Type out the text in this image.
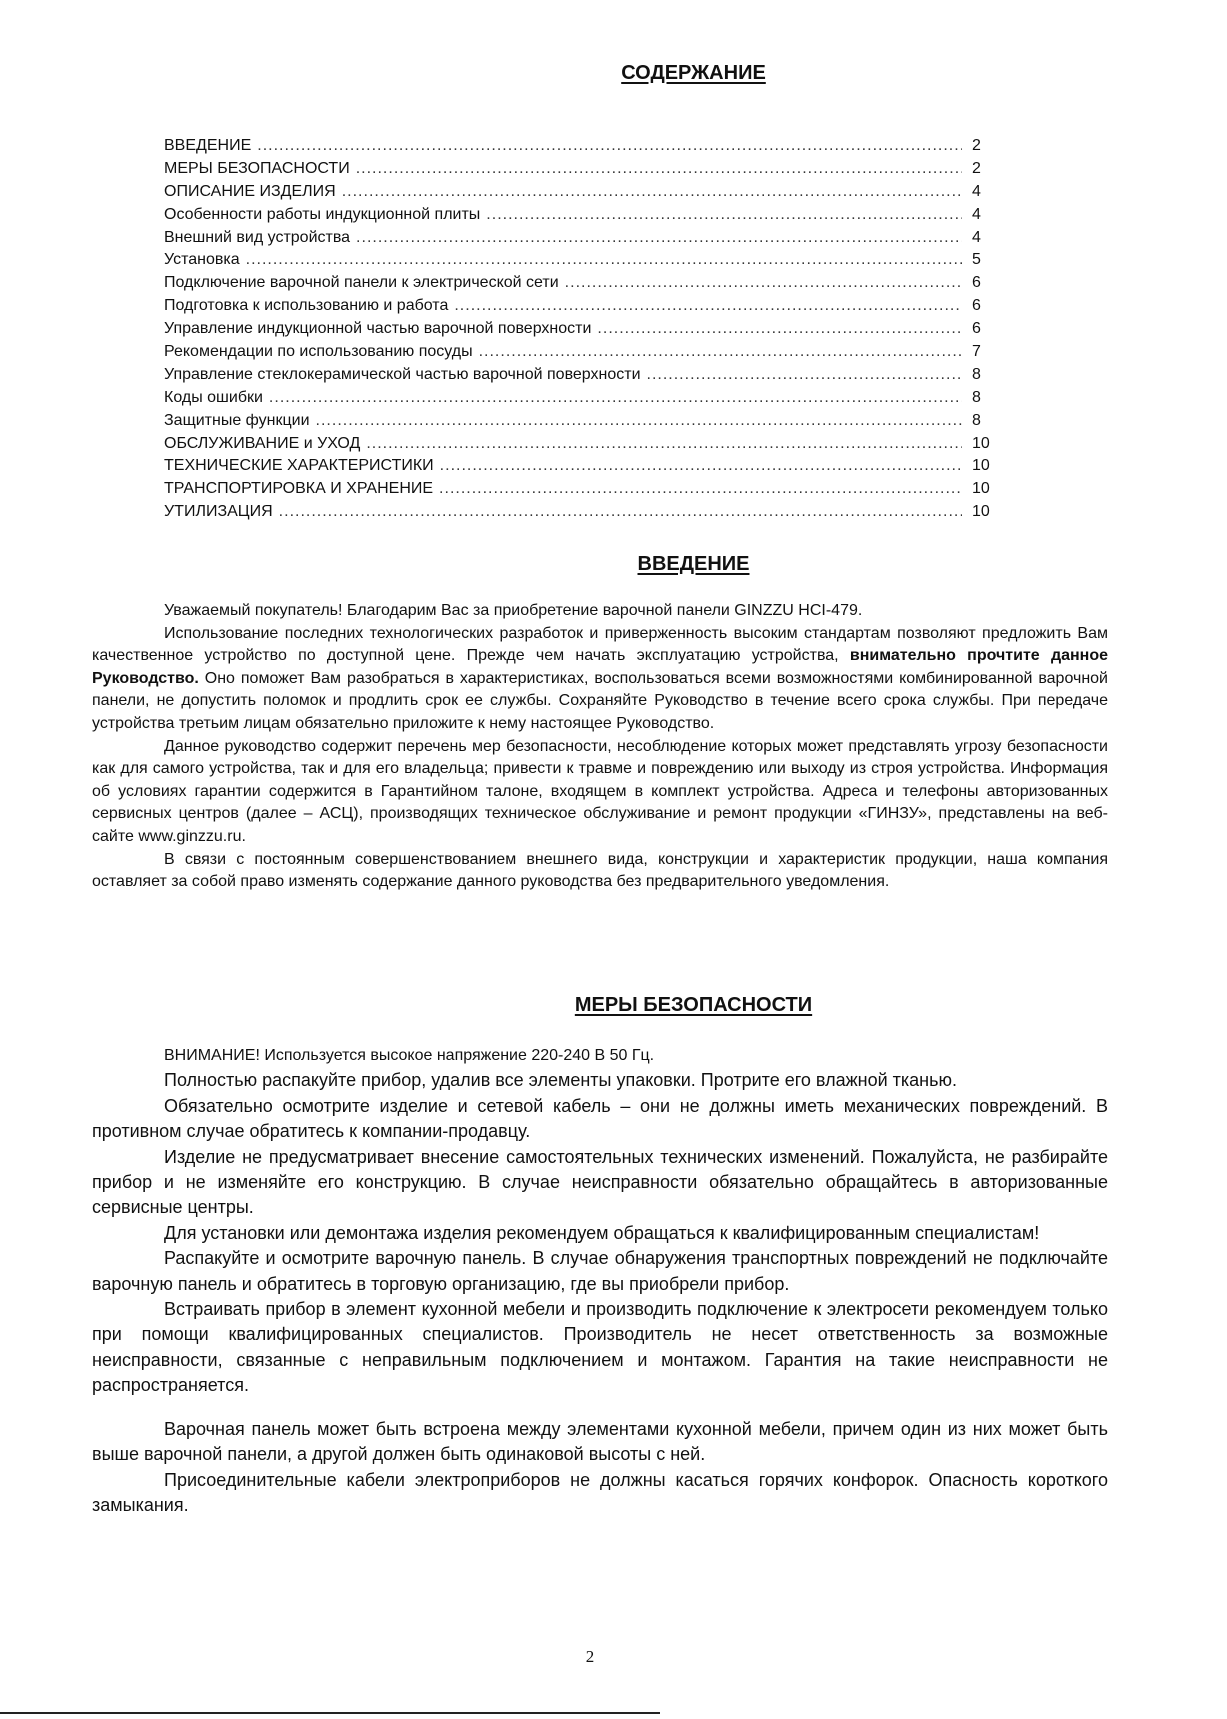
СОДЕРЖАНИЕ
ВВЕДЕНИЕ .....	2
МЕРЫ БЕЗОПАСНОСТИ .....	2
ОПИСАНИЕ ИЗДЕЛИЯ .....	4
Особенности работы индукционной плиты .....	4
Внешний вид устройства .....	4
Установка .....	5
Подключение варочной панели к электрической сети .....	6
Подготовка к использованию и работа .....	6
Управление индукционной частью варочной поверхности .....	6
Рекомендации по использованию посуды .....	7
Управление стеклокерамической частью варочной поверхности .....	8
Коды ошибки .....	8
Защитные функции .....	8
ОБСЛУЖИВАНИЕ и УХОД .....	10
ТЕХНИЧЕСКИЕ ХАРАКТЕРИСТИКИ .....	10
ТРАНСПОРТИРОВКА И ХРАНЕНИЕ .....	10
УТИЛИЗАЦИЯ .....	10
ВВЕДЕНИЕ

Уважаемый покупатель! Благодарим Вас за приобретение варочной панели GINZZU HCI-479.

Использование последних технологических разработок и приверженность высоким стандартам позволяют предложить Вам качественное устройство по доступной цене. Прежде чем начать эксплуатацию устройства, внимательно прочтите данное Руководство. Оно поможет Вам разобраться в характеристиках, воспользоваться всеми возможностями комбинированной варочной панели, не допустить поломок и продлить срок ее службы. Сохраняйте Руководство в течение всего срока службы. При передаче устройства третьим лицам обязательно приложите к нему настоящее Руководство.

Данное руководство содержит перечень мер безопасности, несоблюдение которых может представлять угрозу безопасности как для самого устройства, так и для его владельца; привести к травме и повреждению или выходу из строя устройства. Информация об условиях гарантии содержится в Гарантийном талоне, входящем в комплект устройства. Адреса и телефоны авторизованных сервисных центров (далее – АСЦ), производящих техническое обслуживание и ремонт продукции «ГИНЗУ», представлены на веб-сайте www.ginzzu.ru.

В связи с постоянным совершенствованием внешнего вида, конструкции и характеристик продукции, наша компания оставляет за собой право изменять содержание данного руководства без предварительного уведомления.

МЕРЫ БЕЗОПАСНОСТИ

ВНИМАНИЕ! Используется высокое напряжение 220-240 В 50 Гц.

Полностью распакуйте прибор, удалив все элементы упаковки. Протрите его влажной тканью.

Обязательно осмотрите изделие и сетевой кабель – они не должны иметь механических повреждений. В противном случае обратитесь к компании-продавцу.

Изделие не предусматривает внесение самостоятельных технических изменений. Пожалуйста, не разбирайте прибор и не изменяйте его конструкцию. В случае неисправности обязательно обращайтесь в авторизованные сервисные центры.

Для установки или демонтажа изделия рекомендуем обращаться к квалифицированным специалистам!

Распакуйте и осмотрите варочную панель. В случае обнаружения транспортных повреждений не подключайте варочную панель и обратитесь в торговую организацию, где вы приобрели прибор.

Встраивать прибор в элемент кухонной мебели и производить подключение к электросети рекомендуем только при помощи квалифицированных специалистов. Производитель не несет ответственность за возможные неисправности, связанные с неправильным подключением и монтажом. Гарантия на такие неисправности не распространяется.

Варочная панель может быть встроена между элементами кухонной мебели, причем один из них может быть выше варочной панели, а другой должен быть одинаковой высоты с ней.

Присоединительные кабели электроприборов не должны касаться горячих конфорок. Опасность короткого замыкания.

2
